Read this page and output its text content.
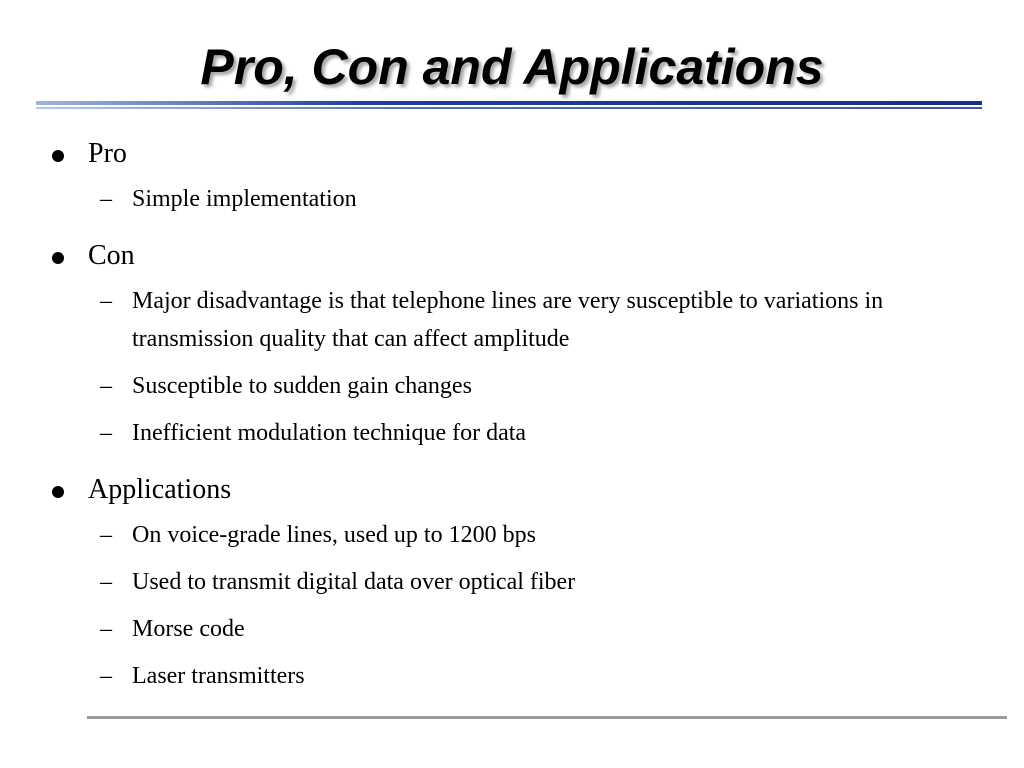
Pro, Con and Applications
Pro
– Simple implementation
Con
– Major disadvantage is that telephone lines are very susceptible to variations in transmission quality that can affect amplitude
– Susceptible to sudden gain changes
– Inefficient modulation technique for data
Applications
– On voice-grade lines, used up to 1200 bps
– Used to transmit digital data over optical fiber
– Morse code
– Laser transmitters
